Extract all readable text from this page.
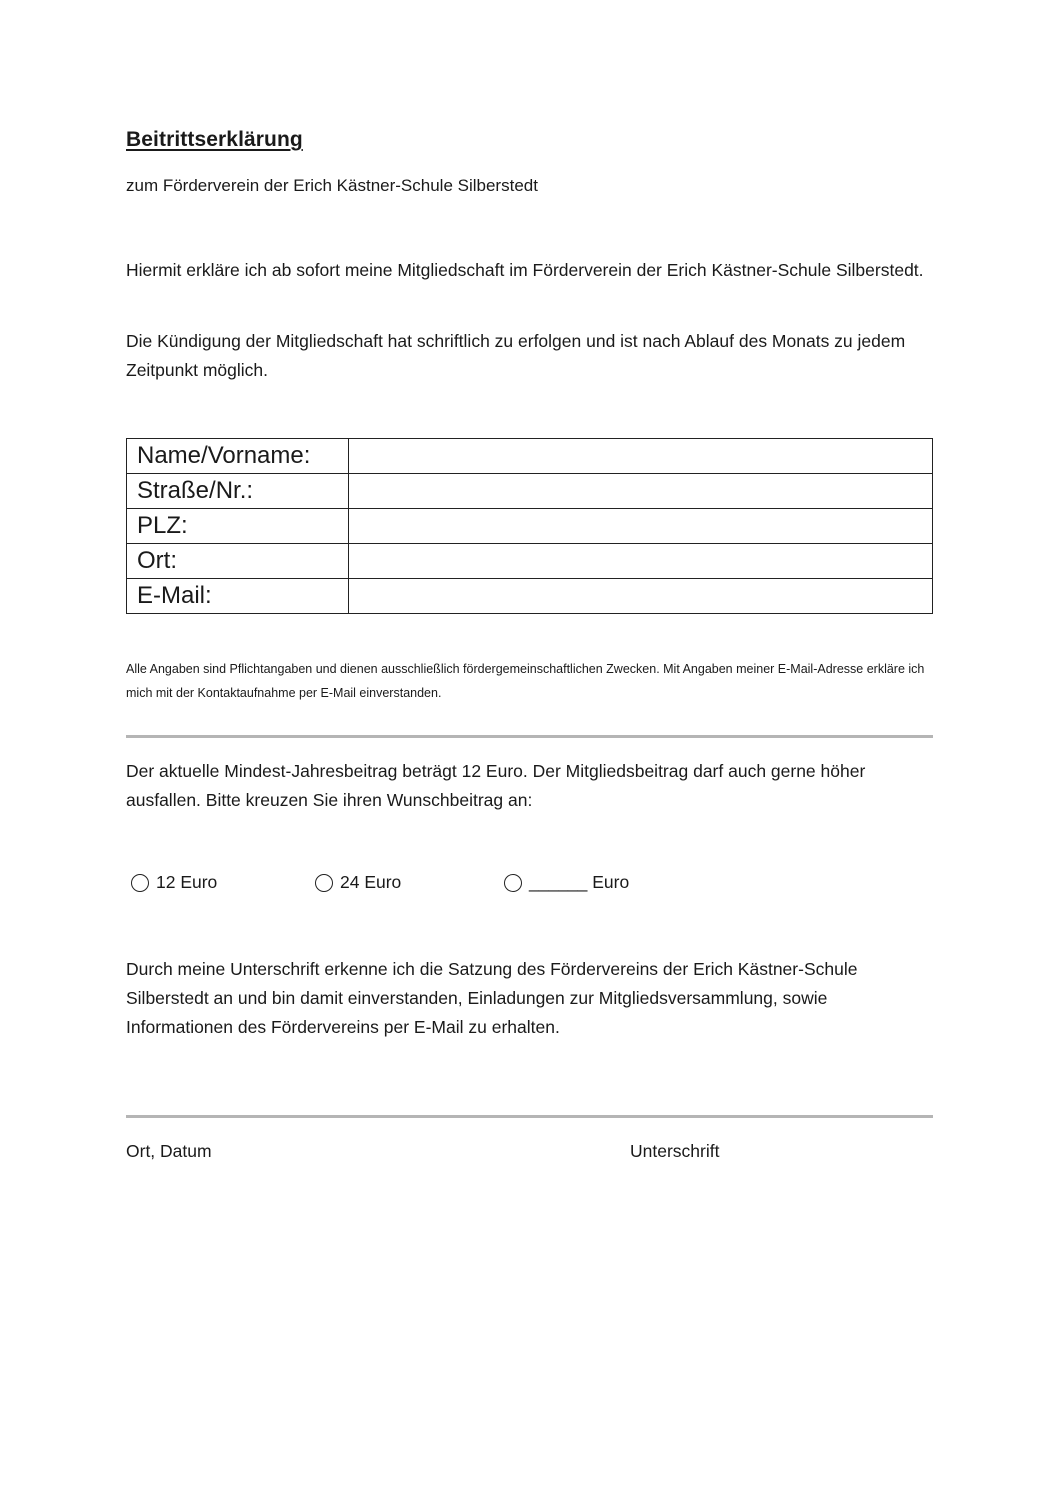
Beitrittserklärung
zum Förderverein der Erich Kästner-Schule Silberstedt
Hiermit erkläre ich ab sofort meine Mitgliedschaft im Förderverein der Erich Kästner-Schule Silberstedt.
Die Kündigung der Mitgliedschaft hat schriftlich zu erfolgen und ist nach Ablauf des Monats zu jedem Zeitpunkt möglich.
Name/Vorname:	
Straße/Nr.:	
PLZ:	
Ort:	
E-Mail:	
Alle Angaben sind Pflichtangaben und dienen ausschließlich fördergemeinschaftlichen Zwecken. Mit Angaben meiner E-Mail-Adresse erkläre ich mich mit der Kontaktaufnahme per E-Mail einverstanden.
Der aktuelle Mindest-Jahresbeitrag beträgt 12 Euro. Der Mitgliedsbeitrag darf auch gerne höher ausfallen. Bitte kreuzen Sie ihren Wunschbeitrag an:
12 Euro	24 Euro	______ Euro
Durch meine Unterschrift erkenne ich die Satzung des Fördervereins der Erich Kästner-Schule Silberstedt an und bin damit einverstanden, Einladungen zur Mitgliedsversammlung, sowie Informationen des Fördervereins per E-Mail zu erhalten.
Ort, Datum	Unterschrift
